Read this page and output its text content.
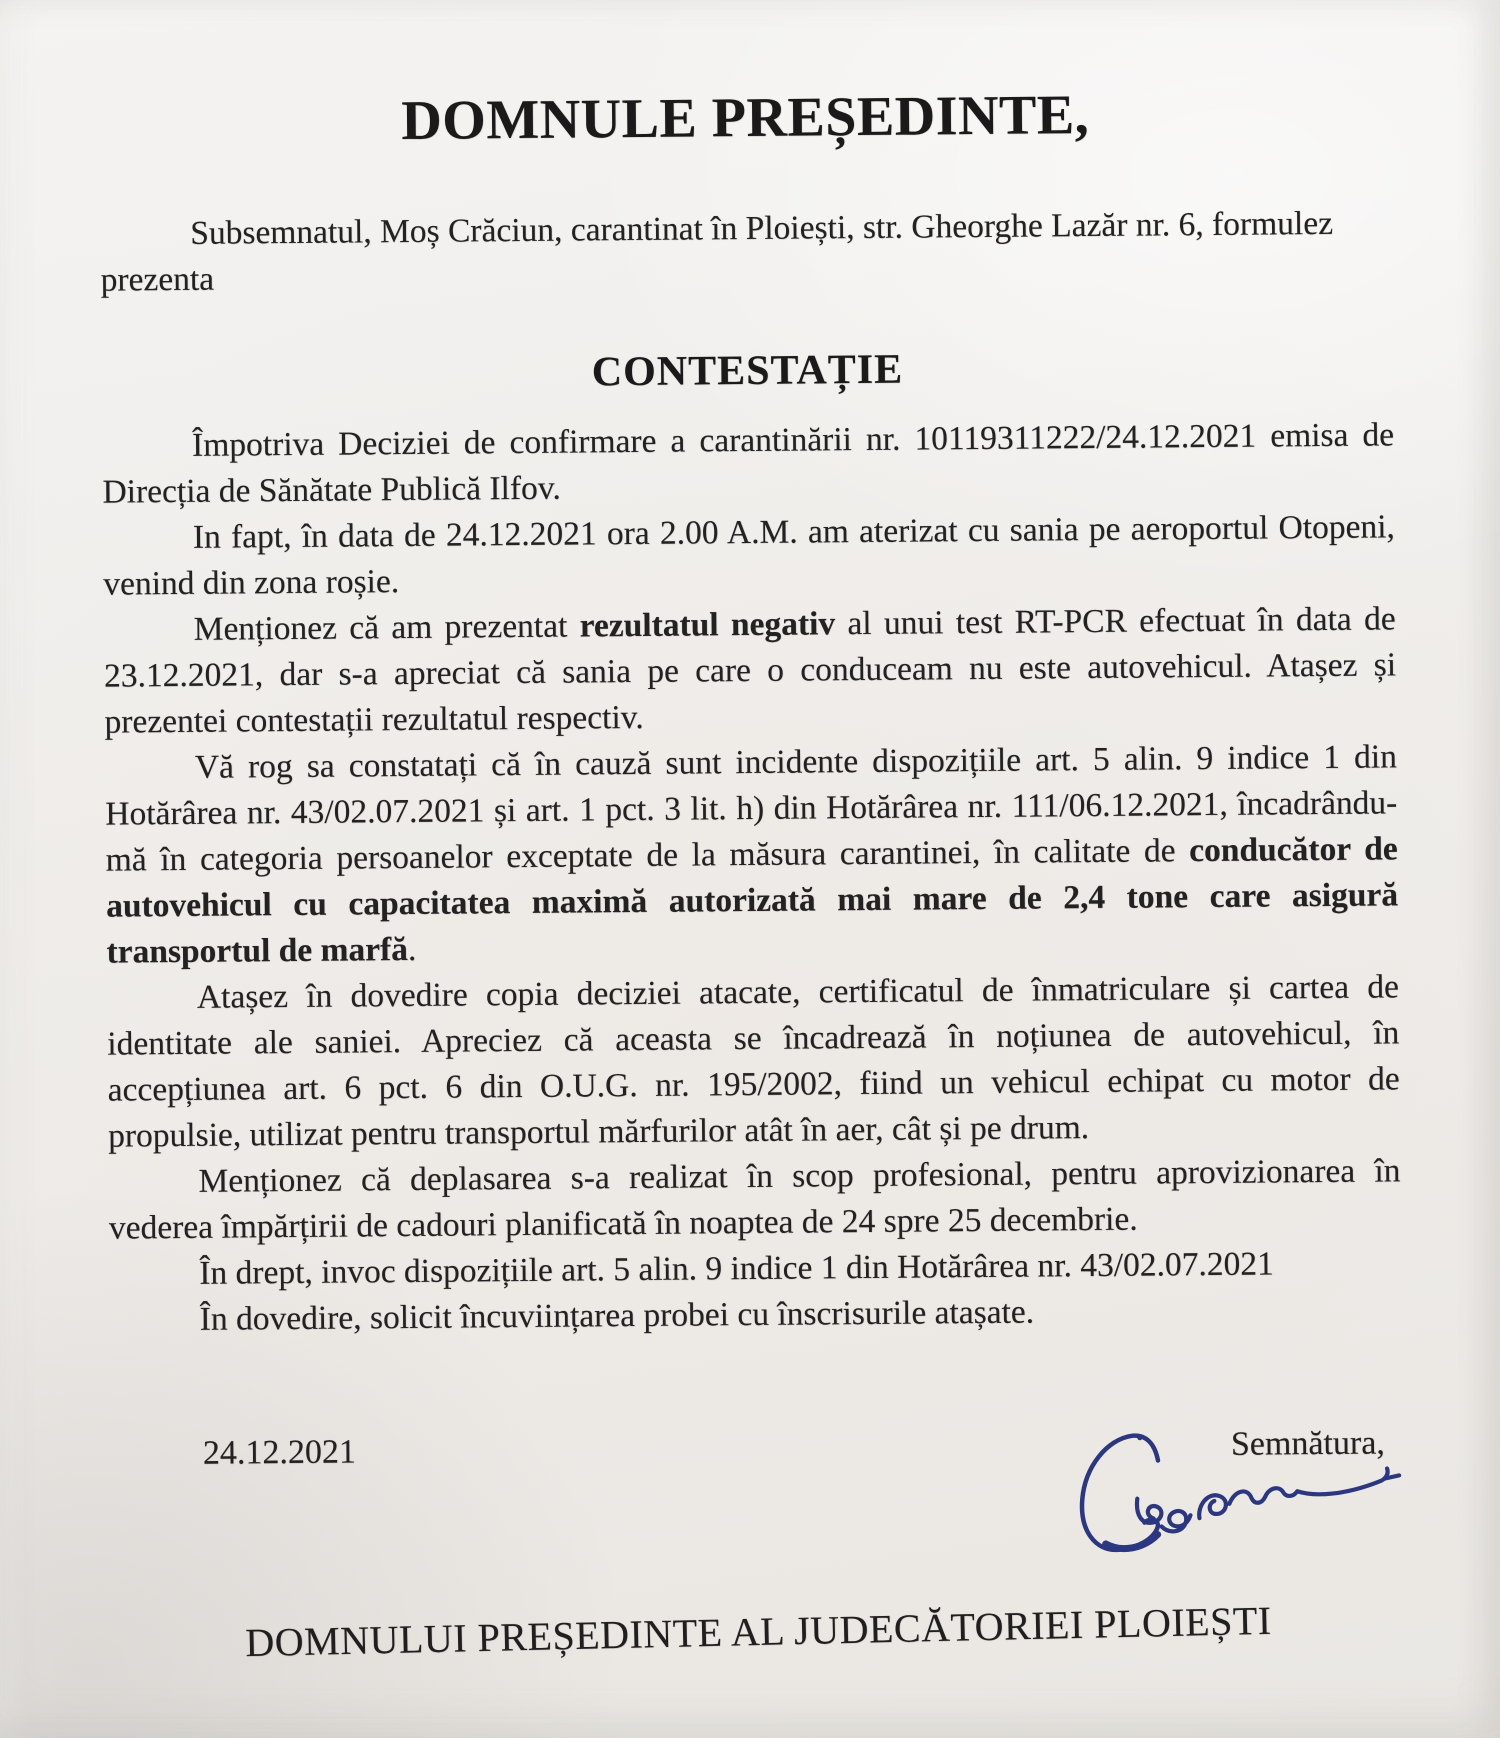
DOMNULE PREȘEDINTE,

Subsemnatul, Moș Crăciun, carantinat în Ploiești, str. Gheorghe Lazăr nr. 6, formulez prezenta

CONTESTAȚIE

Împotriva Deciziei de confirmare a carantinării nr. 10119311222/24.12.2021 emisa de Direcția de Sănătate Publică Ilfov.

In fapt, în data de 24.12.2021 ora 2.00 A.M. am aterizat cu sania pe aeroportul Otopeni, venind din zona roșie.

Menționez că am prezentat rezultatul negativ al unui test RT-PCR efectuat în data de 23.12.2021, dar s-a apreciat că sania pe care o conduceam nu este autovehicul. Atașez și prezentei contestații rezultatul respectiv.

Vă rog sa constatați că în cauză sunt incidente dispozițiile art. 5 alin. 9 indice 1 din Hotărârea nr. 43/02.07.2021 și art. 1 pct. 3 lit. h) din Hotărârea nr. 111/06.12.2021, încadrându-mă în categoria persoanelor exceptate de la măsura carantinei, în calitate de conducător de autovehicul cu capacitatea maximă autorizată mai mare de 2,4 tone care asigură transportul de marfă.

Atașez în dovedire copia deciziei atacate, certificatul de înmatriculare și cartea de identitate ale saniei. Apreciez că aceasta se încadrează în noțiunea de autovehicul, în accepțiunea art. 6 pct. 6 din O.U.G. nr. 195/2002, fiind un vehicul echipat cu motor de propulsie, utilizat pentru transportul mărfurilor atât în aer, cât și pe drum.

Menționez că deplasarea s-a realizat în scop profesional, pentru aprovizionarea în vederea împărțirii de cadouri planificată în noaptea de 24 spre 25 decembrie.

În drept, invoc dispozițiile art. 5 alin. 9 indice 1 din Hotărârea nr. 43/02.07.2021

În dovedire, solicit încuviințarea probei cu înscrisurile atașate.

24.12.2021	Semnătura,
DOMNULUI PREȘEDINTE AL JUDECĂTORIEI PLOIEȘTI
